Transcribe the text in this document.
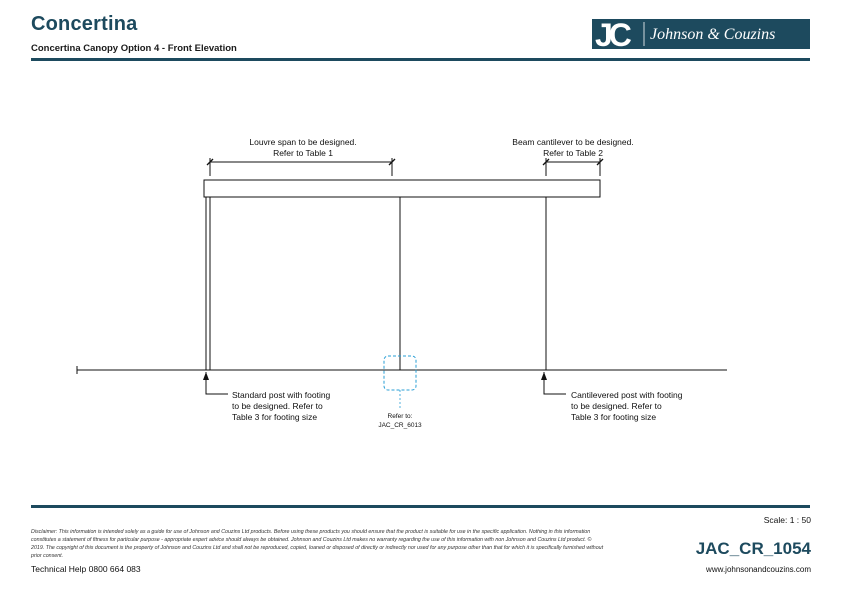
Concertina
Concertina Canopy Option 4 - Front Elevation	JC Johnson & Couzins
Louvre span to be designed.
Refer to Table 1
Beam cantilever to be designed.
Refer to Table 2
Standard post with footing
to be designed. Refer to
Table 3 for footing size
Cantilevered post with footing
to be designed. Refer to
Table 3 for footing size
Refer to:
JAC_CR_6013
Scale: 1 : 50
Disclaimer: This information is intended solely as a guide for use of Johnson and Couzins Ltd products. Before using these products you should ensure that the product is suitable for use in the specific application. Nothing in this information constitutes a statement of fitness for particular purpose - appropriate expert advice should always be obtained. Johnson and Couzins Ltd makes no warranty regarding the use of this information with non Johnson and Couzins Ltd product. © 2019. The copyright of this document is the property of Johnson and Couzins Ltd and shall not be reproduced, copied, loaned or disposed of directly or indirectly nor used for any purpose other than that for which it is specifically furnished without prior consent.	JAC_CR_1054
Technical Help 0800 664 083	www.johnsonandcouzins.com
